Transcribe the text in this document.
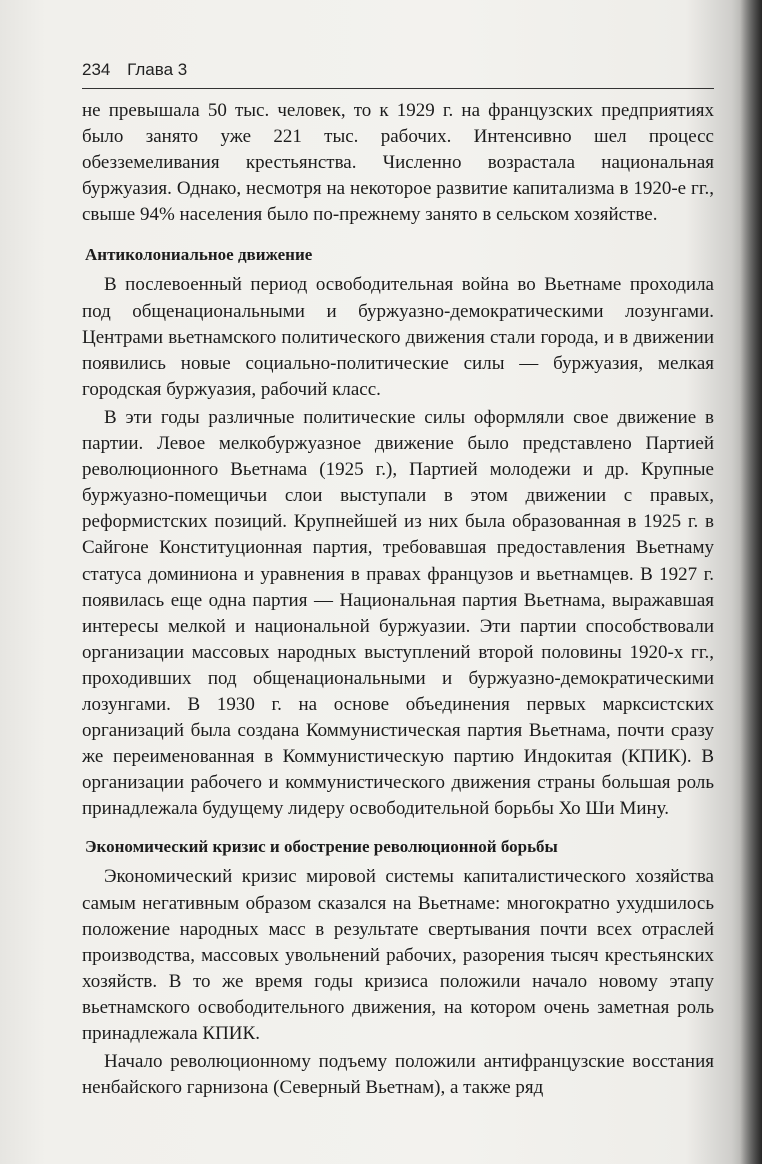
234 Глава 3

не превышала 50 тыс. человек, то к 1929 г. на французских предприятиях было занято уже 221 тыс. рабочих. Интенсивно шел процесс обезземеливания крестьянства. Численно возрастала национальная буржуазия. Однако, несмотря на некоторое развитие капитализма в 1920-е гг., свыше 94% населения было по-прежнему занято в сельском хозяйстве.

Антиколониальное движение

В послевоенный период освободительная война во Вьетнаме проходила под общенациональными и буржуазно-демократическими лозунгами. Центрами вьетнамского политического движения стали города, и в движении появились новые социально-политические силы — буржуазия, мелкая городская буржуазия, рабочий класс.

В эти годы различные политические силы оформляли свое движение в партии. Левое мелкобуржуазное движение было представлено Партией революционного Вьетнама (1925 г.), Партией молодежи и др. Крупные буржуазно-помещичьи слои выступали в этом движении с правых, реформистских позиций. Крупнейшей из них была образованная в 1925 г. в Сайгоне Конституционная партия, требовавшая предоставления Вьетнаму статуса доминиона и уравнения в правах французов и вьетнамцев. В 1927 г. появилась еще одна партия — Национальная партия Вьетнама, выражавшая интересы мелкой и национальной буржуазии. Эти партии способствовали организации массовых народных выступлений второй половины 1920-х гг., проходивших под общенациональными и буржуазно-демократическими лозунгами. В 1930 г. на основе объединения первых марксистских организаций была создана Коммунистическая партия Вьетнама, почти сразу же переименованная в Коммунистическую партию Индокитая (КПИК). В организации рабочего и коммунистического движения страны большая роль принадлежала будущему лидеру освободительной борьбы Хо Ши Мину.

Экономический кризис и обострение революционной борьбы

Экономический кризис мировой системы капиталистического хозяйства самым негативным образом сказался на Вьетнаме: многократно ухудшилось положение народных масс в результате свертывания почти всех отраслей производства, массовых увольнений рабочих, разорения тысяч крестьянских хозяйств. В то же время годы кризиса положили начало новому этапу вьетнамского освободительного движения, на котором очень заметная роль принадлежала КПИК.

Начало революционному подъему положили антифранцузские восстания ненбайского гарнизона (Северный Вьетнам), а также ряд
